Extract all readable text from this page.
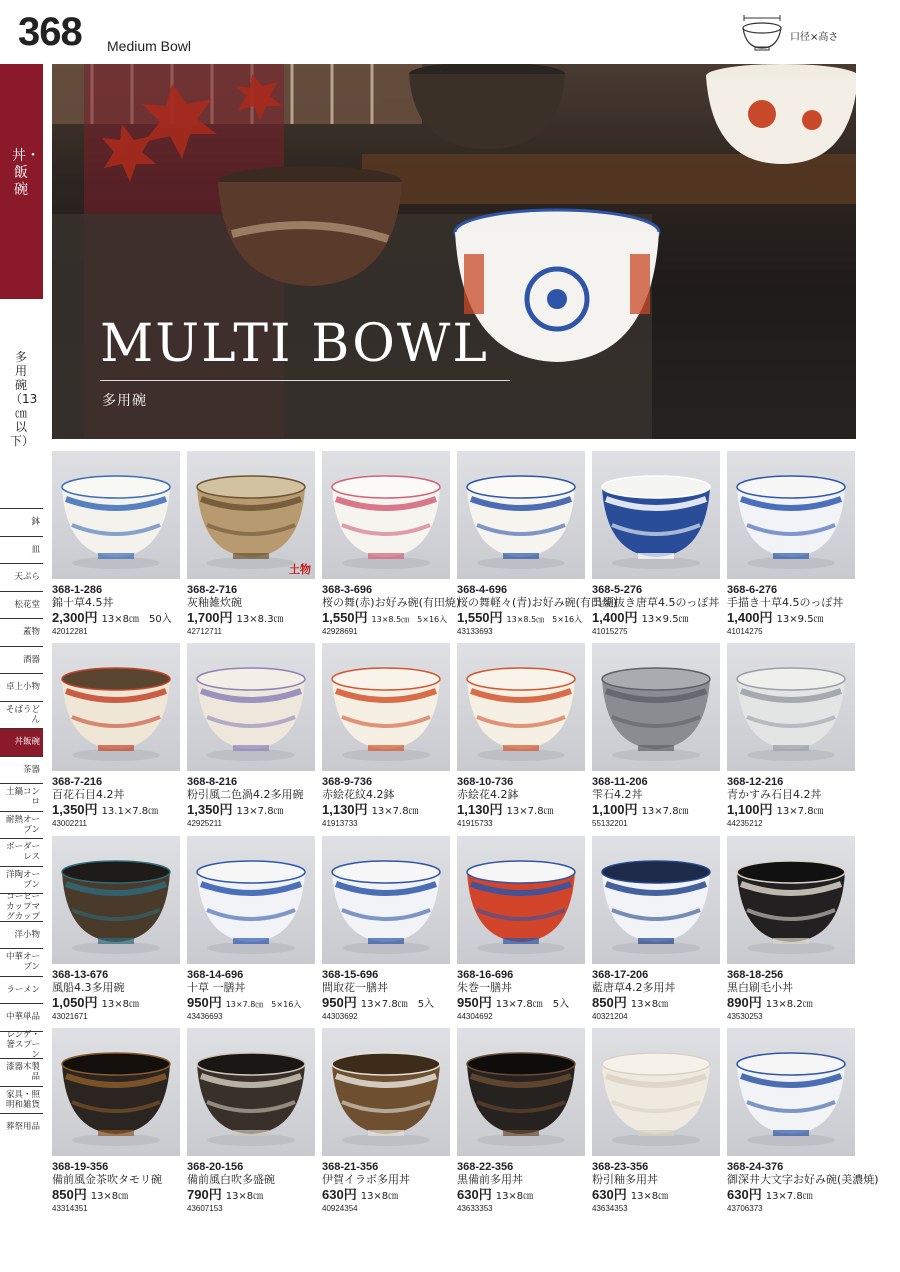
368 Medium Bowl
口径×高さ
丼・飯碗
多用碗（13㎝以下）
鉢
皿
天ぷら
松花堂
蓋物
酒器
卓上小物
そばうどん
丼飯碗
茶器
土鍋コンロ
耐熱オーブン
ボーダーレス
洋陶オーブン
コーヒーカップマグカップ
洋小物
中華オーブン
ラーメン
中華単品
レンゲ・箸スプーン
漆器木製品
家具・照明和雑貨
葬祭用品
MULTI BOWL
多用碗
368-1-286
錦十草4.5丼
2,300円 13×8㎝　50入
42012281
土物
368-2-716
灰釉雑炊碗
1,700円 13×8.3㎝
42712711
368-3-696
桜の舞(赤)お好み碗(有田焼)
1,550円 13×8.5㎝　5×16入
42928691
368-4-696
桜の舞軽々(青)お好み碗(有田焼)
1,550円 13×8.5㎝　5×16入
43133693
368-5-276
呉須抜き唐草4.5のっぽ丼
1,400円 13×9.5㎝
41015275
368-6-276
手描き十草4.5のっぽ丼
1,400円 13×9.5㎝
41014275
368-7-216
百花石目4.2丼
1,350円 13.1×7.8㎝
43002211
368-8-216
粉引風二色渦4.2多用碗
1,350円 13×7.8㎝
42925211
368-9-736
赤絵花紋4.2鉢
1,130円 13×7.8㎝
41913733
368-10-736
赤絵花4.2鉢
1,130円 13×7.8㎝
41915733
368-11-206
雫石4.2丼
1,100円 13×7.8㎝
55132201
368-12-216
青かすみ石目4.2丼
1,100円 13×7.8㎝
44235212
368-13-676
風船4.3多用碗
1,050円 13×8㎝
43021671
368-14-696
十草 一膳丼
950円 13×7.8㎝　5×16入
43436693
368-15-696
間取花一膳丼
950円 13×7.8㎝　5入
44303692
368-16-696
朱巻一膳丼
950円 13×7.8㎝　5入
44304692
368-17-206
藍唐草4.2多用丼
850円 13×8㎝
40321204
368-18-256
黒白刷毛小丼
890円 13×8.2㎝
43530253
368-19-356
備前風金茶吹タモリ碗
850円 13×8㎝
43314351
368-20-156
備前風白吹多盛碗
790円 13×8㎝
43607153
368-21-356
伊賀イラボ多用丼
630円 13×8㎝
40924354
368-22-356
黒備前多用丼
630円 13×8㎝
43633353
368-23-356
粉引釉多用丼
630円 13×8㎝
43634353
368-24-376
御深井大文字お好み碗(美濃焼)
630円 13×7.8㎝
43706373
